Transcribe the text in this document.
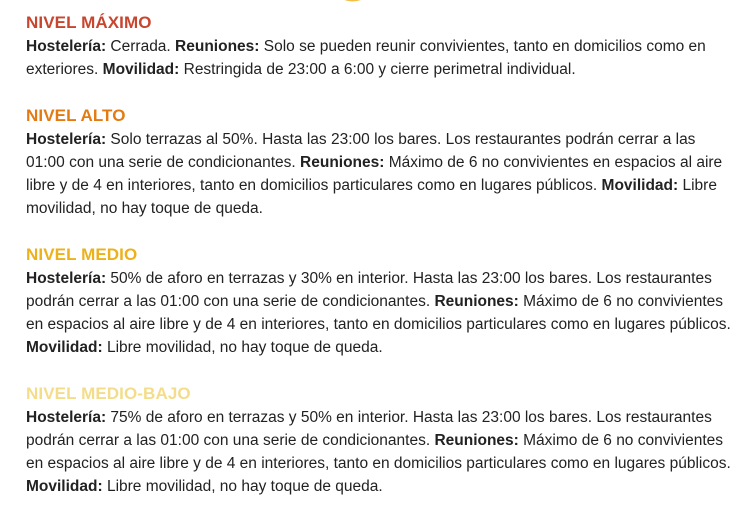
NIVEL MÁXIMO

Hostelería: Cerrada. Reuniones: Solo se pueden reunir convivientes, tanto en domicilios como en exteriores. Movilidad: Restringida de 23:00 a 6:00 y cierre perimetral individual.

NIVEL ALTO

Hostelería: Solo terrazas al 50%. Hasta las 23:00 los bares. Los restaurantes podrán cerrar a las 01:00 con una serie de condicionantes. Reuniones: Máximo de 6 no convivientes en espacios al aire libre y de 4 en interiores, tanto en domicilios particulares como en lugares públicos. Movilidad: Libre movilidad, no hay toque de queda.

NIVEL MEDIO

Hostelería: 50% de aforo en terrazas y 30% en interior. Hasta las 23:00 los bares. Los restaurantes podrán cerrar a las 01:00 con una serie de condicionantes. Reuniones: Máximo de 6 no convivientes en espacios al aire libre y de 4 en interiores, tanto en domicilios particulares como en lugares públicos. Movilidad: Libre movilidad, no hay toque de queda.

NIVEL MEDIO-BAJO

Hostelería: 75% de aforo en terrazas y 50% en interior. Hasta las 23:00 los bares. Los restaurantes podrán cerrar a las 01:00 con una serie de condicionantes. Reuniones: Máximo de 6 no convivientes en espacios al aire libre y de 4 en interiores, tanto en domicilios particulares como en lugares públicos. Movilidad: Libre movilidad, no hay toque de queda.
